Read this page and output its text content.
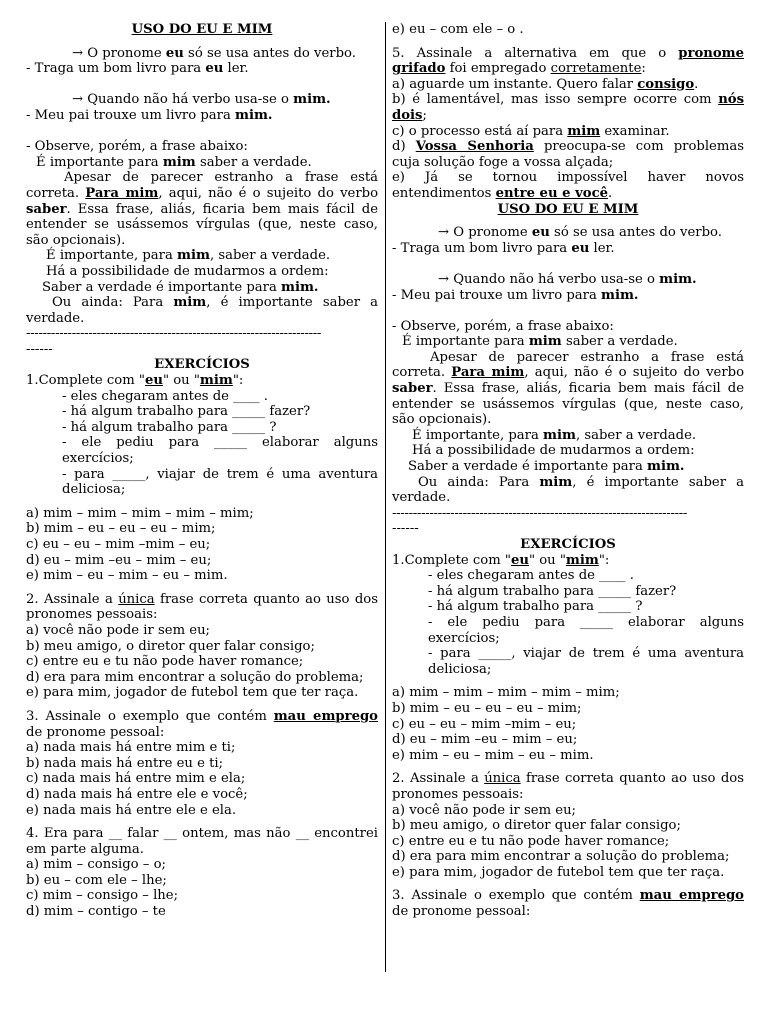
USO DO EU E MIM

→ O pronome eu só se usa antes do verbo.

- Traga um bom livro para eu ler.

→ Quando não há verbo usa-se o mim.

- Meu pai trouxe um livro para mim.

- Observe, porém, a frase abaixo:

É importante para mim saber a verdade.

Apesar de parecer estranho a frase está correta. Para mim, aqui, não é o sujeito do verbo saber. Essa frase, aliás, ficaria bem mais fácil de entender se usássemos vírgulas (que, neste caso, são opcionais).

É importante, para mim, saber a verdade.

Há a possibilidade de mudarmos a ordem:

Saber a verdade é importante para mim.

Ou ainda: Para mim, é importante saber a verdade.

-----------------------------------------------------------------------

------

EXERCÍCIOS

1.Complete com "eu" ou "mim":

- eles chegaram antes de ____ .

- há algum trabalho para _____ fazer?

- há algum trabalho para _____ ?

- ele pediu para _____ elaborar alguns exercícios;

- para _____, viajar de trem é uma aventura deliciosa;

a) mim – mim – mim – mim – mim;

b) mim – eu – eu – eu – mim;

c) eu – eu – mim –mim – eu;

d) eu – mim –eu – mim – eu;

e) mim – eu – mim – eu – mim.

2. Assinale a única frase correta quanto ao uso dos pronomes pessoais:

a) você não pode ir sem eu;

b) meu amigo, o diretor quer falar consigo;

c) entre eu e tu não pode haver romance;

d) era para mim encontrar a solução do problema;

e) para mim, jogador de futebol tem que ter raça.

3. Assinale o exemplo que contém mau emprego de pronome pessoal:

a) nada mais há entre mim e ti;

b) nada mais há entre eu e ti;

c) nada mais há entre mim e ela;

d) nada mais há entre ele e você;

e) nada mais há entre ele e ela.

4. Era para __ falar __ ontem, mas não __ encontrei em parte alguma.

a) mim – consigo – o;

b) eu – com ele – lhe;

c) mim – consigo – lhe;

d) mim – contigo – te

e) eu – com ele – o .

5. Assinale a alternativa em que o pronome grifado foi empregado corretamente:

a) aguarde um instante. Quero falar consigo.

b) é lamentável, mas isso sempre ocorre com nós dois;

c) o processo está aí para mim examinar.

d) Vossa Senhoria preocupa-se com problemas cuja solução foge a vossa alçada;

e) Já se tornou impossível haver novos entendimentos entre eu e você.

USO DO EU E MIM

→ O pronome eu só se usa antes do verbo.

- Traga um bom livro para eu ler.

→ Quando não há verbo usa-se o mim.

- Meu pai trouxe um livro para mim.

- Observe, porém, a frase abaixo:

É importante para mim saber a verdade.

Apesar de parecer estranho a frase está correta. Para mim, aqui, não é o sujeito do verbo saber. Essa frase, aliás, ficaria bem mais fácil de entender se usássemos vírgulas (que, neste caso, são opcionais).

É importante, para mim, saber a verdade.

Há a possibilidade de mudarmos a ordem:

Saber a verdade é importante para mim.

Ou ainda: Para mim, é importante saber a verdade.

-----------------------------------------------------------------------

------

EXERCÍCIOS

1.Complete com "eu" ou "mim":

- eles chegaram antes de ____ .

- há algum trabalho para _____ fazer?

- há algum trabalho para _____ ?

- ele pediu para _____ elaborar alguns exercícios;

- para _____, viajar de trem é uma aventura deliciosa;

a) mim – mim – mim – mim – mim;

b) mim – eu – eu – eu – mim;

c) eu – eu – mim –mim – eu;

d) eu – mim –eu – mim – eu;

e) mim – eu – mim – eu – mim.

2. Assinale a única frase correta quanto ao uso dos pronomes pessoais:

a) você não pode ir sem eu;

b) meu amigo, o diretor quer falar consigo;

c) entre eu e tu não pode haver romance;

d) era para mim encontrar a solução do problema;

e) para mim, jogador de futebol tem que ter raça.

3. Assinale o exemplo que contém mau emprego de pronome pessoal:
